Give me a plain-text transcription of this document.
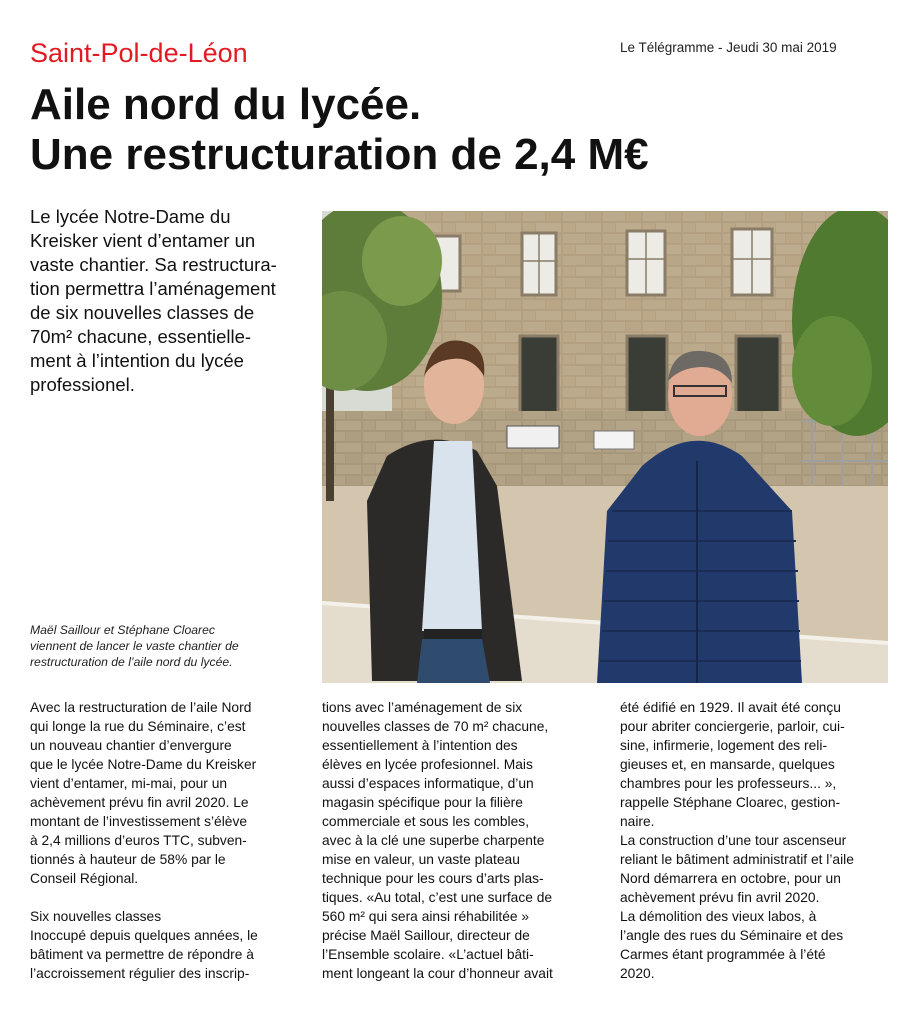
Saint-Pol-de-Léon	Le Télégramme - Jeudi 30 mai 2019
Aile nord du lycée.
Une restructuration de 2,4 M€
Le lycée Notre-Dame du
Kreisker vient d’entamer un
vaste chantier. Sa restructura-
tion permettra l’aménagement
de six nouvelles classes de
70m² chacune, essentielle-
ment à l’intention du lycée
professionel.
Maël Saillour et Stéphane Cloarec
viennent de lancer le vaste chantier de
restructuration de l’aile nord du lycée.
Avec la restructuration de l’aile Nord
qui longe la rue du Séminaire, c’est
un nouveau chantier d’envergure
que le lycée Notre-Dame du Kreisker
vient d’entamer, mi-mai, pour un
achèvement prévu fin avril 2020. Le
montant de l’investissement s’élève
à 2,4 millions d’euros TTC, subven-
tionnés à hauteur de 58% par le
Conseil Régional.
Six nouvelles classes
Inoccupé depuis quelques années, le
bâtiment va permettre de répondre à
l’accroissement régulier des inscrip-
tions avec l’aménagement de six
nouvelles classes de 70 m² chacune,
essentiellement à l’intention des
élèves en lycée profesionnel. Mais
aussi d’espaces informatique, d’un
magasin spécifique pour la filière
commerciale et sous les combles,
avec à la clé une superbe charpente
mise en valeur, un vaste plateau
technique pour les cours d’arts plas-
tiques. «Au total, c’est une surface de
560 m² qui sera ainsi réhabilitée »
précise Maël Saillour, directeur de
l’Ensemble scolaire. «L’actuel bâti-
ment longeant la cour d’honneur avait
été édifié en 1929. Il avait été conçu
pour abriter conciergerie, parloir, cui-
sine, infirmerie, logement des reli-
gieuses et, en mansarde, quelques
chambres pour les professeurs... »,
rappelle Stéphane Cloarec, gestion-
naire.
La construction d’une tour ascenseur
reliant le bâtiment administratif et l’aile
Nord démarrera en octobre, pour un
achèvement prévu fin avril 2020.
La démolition des vieux labos, à
l’angle des rues du Séminaire et des
Carmes étant programmée à l’été
2020.
